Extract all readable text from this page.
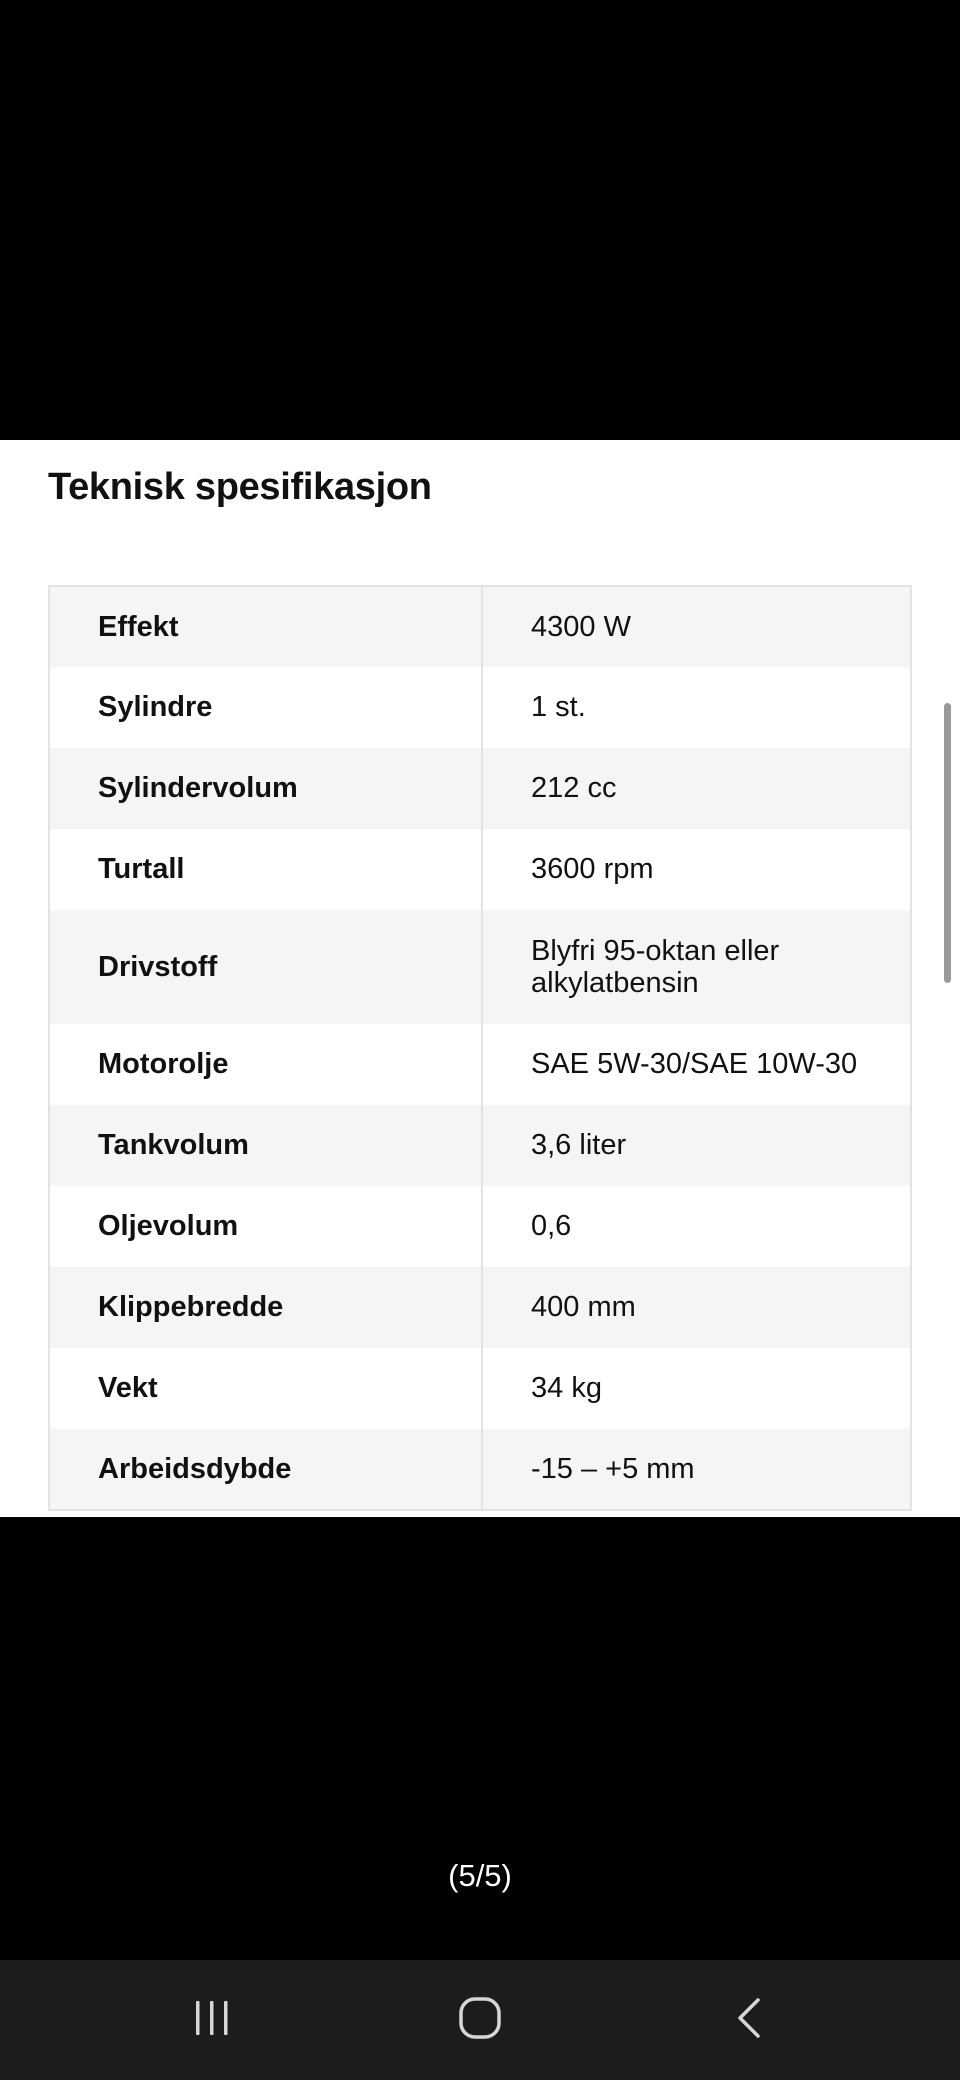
Teknisk spesifikasjon
Effekt	4300 W
Sylindre	1 st.
Sylindervolum	212 cc
Turtall	3600 rpm
Drivstoff	Blyfri 95-oktan eller alkylatbensin
Motorolje	SAE 5W-30/SAE 10W-30
Tankvolum	3,6 liter
Oljevolum	0,6
Klippebredde	400 mm
Vekt	34 kg
Arbeidsdybde	-15 – +5 mm
(5/5)
